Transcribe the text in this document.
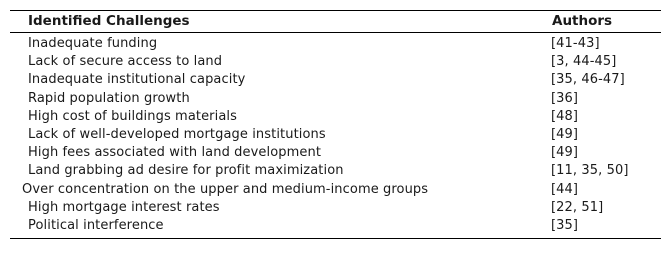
Identified Challenges	Authors
Inadequate funding	[41-43]
Lack of secure access to land	[3, 44-45]
Inadequate institutional capacity	[35, 46-47]
Rapid population growth	[36]
High cost of buildings materials	[48]
Lack of well-developed mortgage institutions	[49]
High fees associated with land development	[49]
Land grabbing ad desire for profit maximization	[11, 35, 50]
Over concentration on the upper and medium-income groups	[44]
High mortgage interest rates	[22, 51]
Political interference	[35]
